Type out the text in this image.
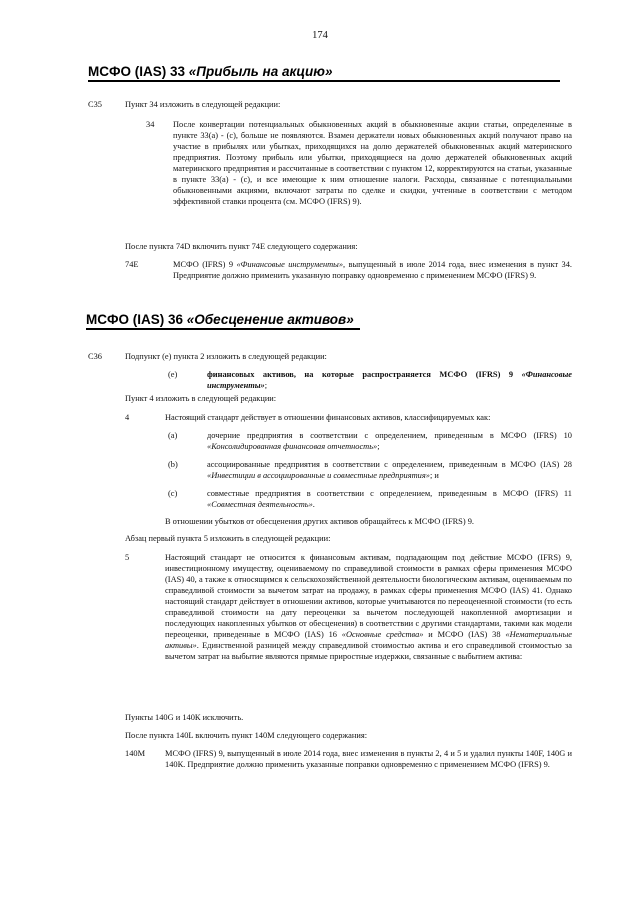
174
МСФО (IAS) 33 «Прибыль на акцию»
C35	Пункт 34 изложить в следующей редакции:
34 После конвертации потенциальных обыкновенных акций в обыкновенные акции статьи, определенные в пункте 33(а) - (с), больше не появляются. Взамен держатели новых обыкновенных акций получают право на участие в прибылях или убытках, приходящихся на долю держателей обыкновенных акций материнского предприятия. Поэтому прибыль или убытки, приходящиеся на долю держателей обыкновенных акций материнского предприятия и рассчитанные в соответствии с пунктом 12, корректируются на статьи, указанные в пункте 33(а) - (с), и все имеющие к ним отношение налоги. Расходы, связанные с потенциальными обыкновенными акциями, включают затраты по сделке и скидки, учтенные в соответствии с методом эффективной ставки процента (см. МСФО (IFRS) 9).
После пункта 74D включить пункт 74E следующего содержания:
74E	МСФО (IFRS) 9 «Финансовые инструменты», выпущенный в июле 2014 года, внес изменения в пункт 34. Предприятие должно применить указанную поправку одновременно с применением МСФО (IFRS) 9.
МСФО (IAS) 36 «Обесценение активов»
C36	Подпункт (е) пункта 2 изложить в следующей редакции:
(е)	финансовых активов, на которые распространяется МСФО (IFRS) 9 «Финансовые инструменты»;
Пункт 4 изложить в следующей редакции:
4	Настоящий стандарт действует в отношении финансовых активов, классифицируемых как:
(a)	дочерние предприятия в соответствии с определением, приведенным в МСФО (IFRS) 10 «Консолидированная финансовая отчетность»;
(b)	ассоциированные предприятия в соответствии с определением, приведенным в МСФО (IAS) 28 «Инвестиции в ассоциированные и совместные предприятия»; и
(c)	совместные предприятия в соответствии с определением, приведенным в МСФО (IFRS) 11 «Совместная деятельность».
В отношении убытков от обесценения других активов обращайтесь к МСФО (IFRS) 9.
Абзац первый пункта 5 изложить в следующей редакции:
5	Настоящий стандарт не относится к финансовым активам, подпадающим под действие МСФО (IFRS) 9, инвестиционному имуществу, оцениваемому по справедливой стоимости в рамках сферы применения МСФО (IAS) 40, а также к относящимся к сельскохозяйственной деятельности биологическим активам, оцениваемым по справедливой стоимости за вычетом затрат на продажу, в рамках сферы применения МСФО (IAS) 41. Однако настоящий стандарт действует в отношении активов, которые учитываются по переоцененной стоимости (то есть справедливой стоимости на дату переоценки за вычетом последующей накопленной амортизации и последующих накопленных убытков от обесценения) в соответствии с другими стандартами, такими как модели переоценки, приведенные в МСФО (IAS) 16 «Основные средства» и МСФО (IAS) 38 «Нематериальные активы». Единственной разницей между справедливой стоимостью актива и его справедливой стоимостью за вычетом затрат на выбытие являются прямые приростные издержки, связанные с выбытием актива:
Пункты 140G и 140К исключить.
После пункта 140L включить пункт 140М следующего содержания:
140М МСФО (IFRS) 9, выпущенный в июле 2014 года, внес изменения в пункты 2, 4 и 5 и удалил пункты 140F, 140G и 140К. Предприятие должно применить указанные поправки одновременно с применением МСФО (IFRS) 9.
